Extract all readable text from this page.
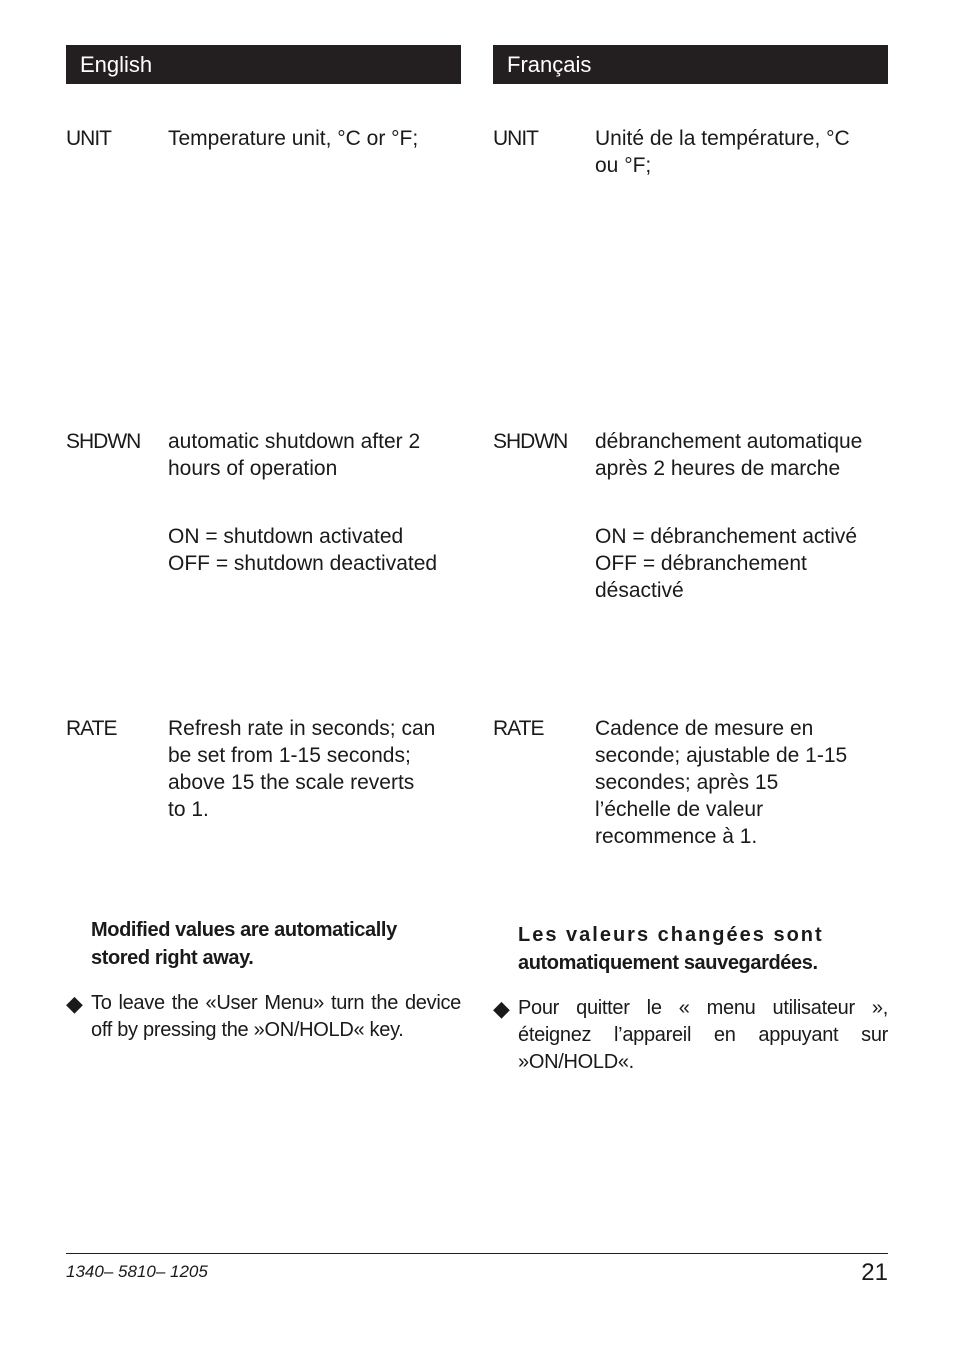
English
UNIT	Temperature unit, °C or °F;
SHDWN automatic shutdown after 2
hours of operation
ON = shutdown activated
OFF = shutdown deactivated
RATE Refresh rate in seconds; can
be set from 1-15 seconds;
above 15 the scale reverts
to 1.
Modified values are automatically
stored right away.
◆ To leave the «User Menu» turn the device off by pressing the »ON/HOLD« key.
Français
UNIT	Unité de la température, °C
ou °F;
SHDWN débranchement automatique
après 2 heures de marche
ON = débranchement activé
OFF = débranchement
désactivé
RATE Cadence de mesure en
seconde; ajustable de 1-15
secondes; après 15
l’échelle de valeur
recommence à 1.
Les valeurs changées sont
automatiquement sauvegardées.
◆ Pour quitter le « menu utilisateur », éteignez l’appareil en appuyant sur »ON/HOLD«.
1340– 5810– 1205	21
